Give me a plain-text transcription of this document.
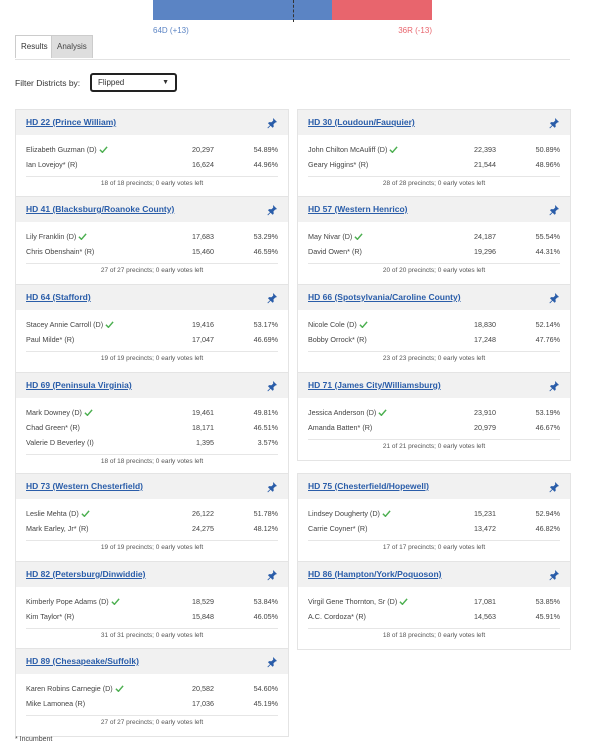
64D (+13)	36R (-13)
Results	Analysis
Filter Districts by: Flipped	▼
HD 22 (Prince William)
Elizabeth Guzman (D)	20,297	54.89%
Ian Lovejoy* (R)	16,624	44.96%
18 of 18 precincts; 0 early votes left
HD 30 (Loudoun/Fauquier)
John Chilton McAuliff (D)	22,393	50.89%
Geary Higgins* (R)	21,544	48.96%
28 of 28 precincts; 0 early votes left
HD 41 (Blacksburg/Roanoke County)
Lily Franklin (D)	17,683	53.29%
Chris Obenshain* (R)	15,460	46.59%
27 of 27 precincts; 0 early votes left
HD 57 (Western Henrico)
May Nivar (D)	24,187	55.54%
David Owen* (R)	19,296	44.31%
20 of 20 precincts; 0 early votes left
HD 64 (Stafford)
Stacey Annie Carroll (D)	19,416	53.17%
Paul Milde* (R)	17,047	46.69%
19 of 19 precincts; 0 early votes left
HD 66 (Spotsylvania/Caroline County)
Nicole Cole (D)	18,830	52.14%
Bobby Orrock* (R)	17,248	47.76%
23 of 23 precincts; 0 early votes left
HD 69 (Peninsula Virginia)
Mark Downey (D)	19,461	49.81%
Chad Green* (R)	18,171	46.51%
Valerie D Beverley (I)	1,395	3.57%
18 of 18 precincts; 0 early votes left
HD 71 (James City/Williamsburg)
Jessica Anderson (D)	23,910	53.19%
Amanda Batten* (R)	20,979	46.67%
21 of 21 precincts; 0 early votes left
HD 73 (Western Chesterfield)
Leslie Mehta (D)	26,122	51.78%
Mark Earley, Jr* (R)	24,275	48.12%
19 of 19 precincts; 0 early votes left
HD 75 (Chesterfield/Hopewell)
Lindsey Dougherty (D)	15,231	52.94%
Carrie Coyner* (R)	13,472	46.82%
17 of 17 precincts; 0 early votes left
HD 82 (Petersburg/Dinwiddie)
Kimberly Pope Adams (D)	18,529	53.84%
Kim Taylor* (R)	15,848	46.05%
31 of 31 precincts; 0 early votes left
HD 86 (Hampton/York/Poquoson)
Virgil Gene Thornton, Sr (D)	17,081	53.85%
A.C. Cordoza* (R)	14,563	45.91%
18 of 18 precincts; 0 early votes left
HD 89 (Chesapeake/Suffolk)
Karen Robins Carnegie (D)	20,582	54.60%
Mike Lamonea (R)	17,036	45.19%
27 of 27 precincts; 0 early votes left
* Incumbent
